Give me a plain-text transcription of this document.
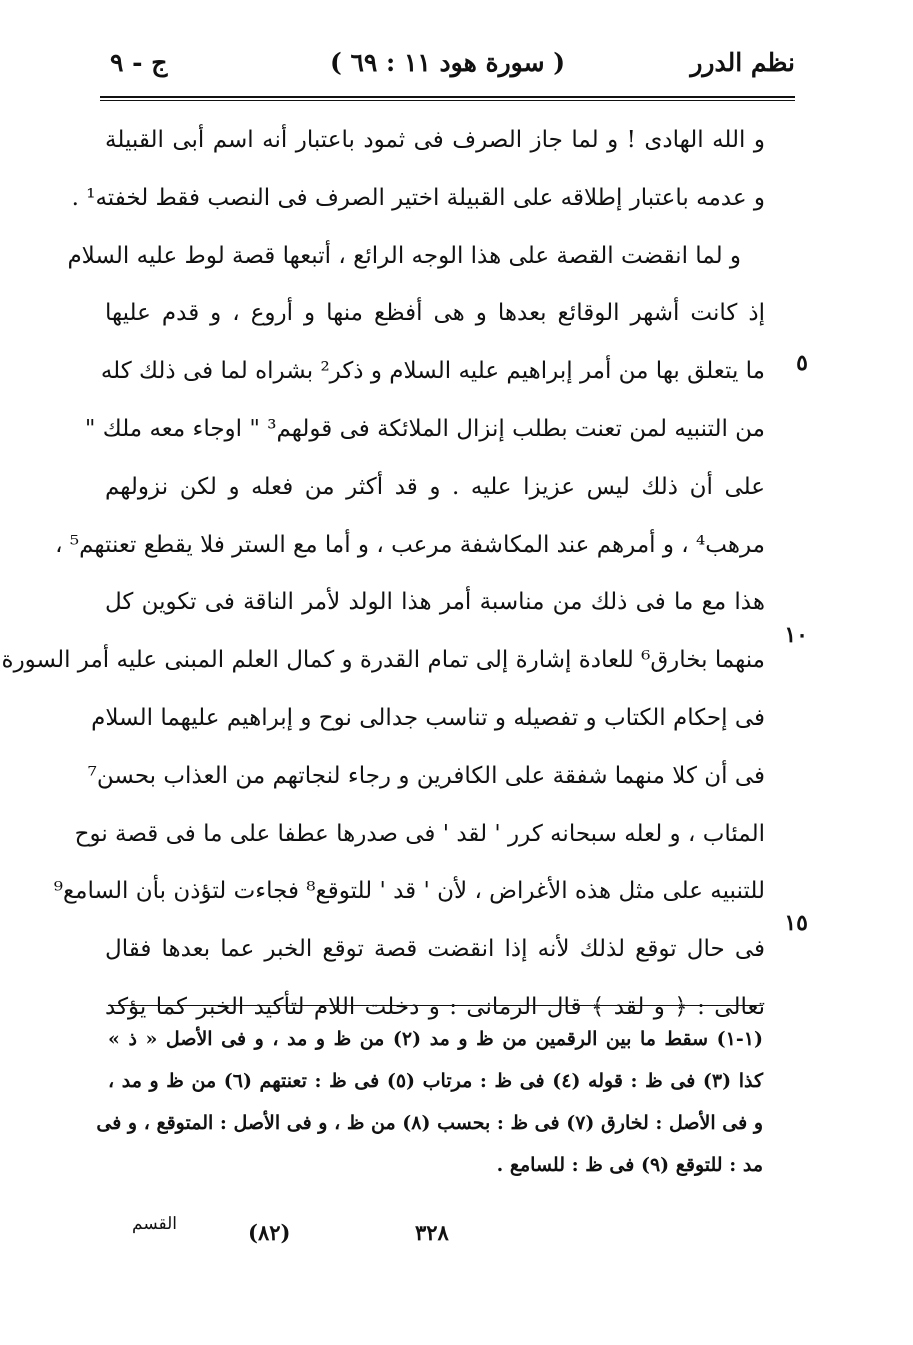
نظم الدرر
( سورة هود ١١ : ٦٩ )
ج - ٩
و الله الهادى ! و لما جاز الصرف فى ثمود باعتبار أنه اسم أبى القبيلة
و عدمه باعتبار إطلاقه على القبيلة اختير الصرف فى النصب فقط لخفته¹ .
و لما انقضت القصة على هذا الوجه الرائع ، أتبعها قصة لوط عليه السلام
إذ كانت أشهر الوقائع بعدها و هى أفظع منها و أروع ، و قدم عليها
ما يتعلق بها من أمر إبراهيم عليه السلام و ذكر² بشراه لما فى ذلك كله
من التنبيه لمن تعنت بطلب إنزال الملائكة فى قولهم³ " اوجاء معه ملك "
على أن ذلك ليس عزيزا عليه . و قد أكثر من فعله و لكن نزولهم
مرهب⁴ ، و أمرهم عند المكاشفة مرعب ، و أما مع الستر فلا يقطع تعنتهم⁵ ،
هذا مع ما فى ذلك من مناسبة أمر هذا الولد لأمر الناقة فى تكوين كل
منهما بخارق⁶ للعادة إشارة إلى تمام القدرة و كمال العلم المبنى عليه أمر السورة
فى إحكام الكتاب و تفصيله و تناسب جدالى نوح و إبراهيم عليهما السلام
فى أن كلا منهما شفقة على الكافرين و رجاء لنجاتهم من العذاب بحسن⁷
المئاب ، و لعله سبحانه كرر ' لقد ' فى صدرها عطفا على ما فى قصة نوح
للتنبيه على مثل هذه الأغراض ، لأن ' قد ' للتوقع⁸ فجاءت لتؤذن بأن السامع⁹
فى حال توقع لذلك لأنه إذا انقضت قصة توقع الخبر عما بعدها فقال
تعالى : ﴿ و لقد ﴾ قال الرمانى : و دخلت اللام لتأكيد الخبر كما يؤكد
٥
١٠
١٥
(١-١) سقط ما بين الرقمين من ظ و مد (٢) من ظ و مد ، و فى الأصل « ذ »
كذا (٣) فى ظ : قوله (٤) فى ظ : مرتاب (٥) فى ظ : تعنتهم (٦) من ظ و مد ،
و فى الأصل : لخارق (٧) فى ظ : بحسب (٨) من ظ ، و فى الأصل : المتوقع ، و فى
مد : للتوقع (٩) فى ظ : للسامع .
القسم	(٨٢)	٣٢٨
